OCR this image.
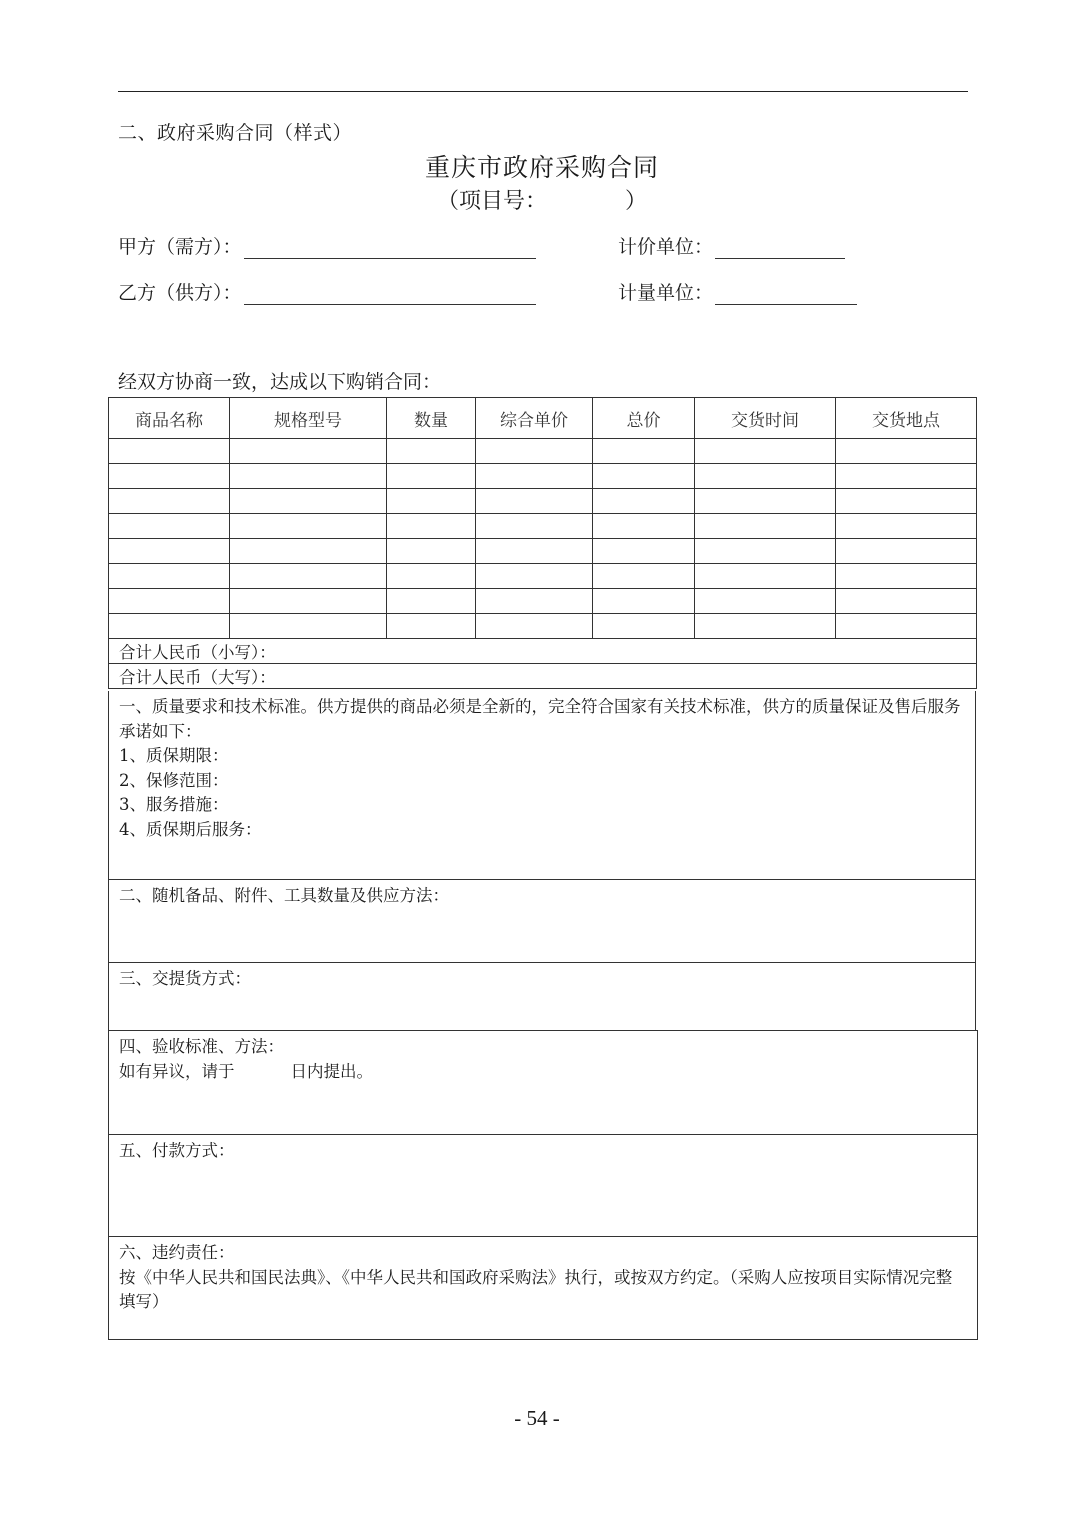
二、政府采购合同（样式）
重庆市政府采购合同
（项目号：	）
甲方（需方）：
乙方（供方）：
计价单位：
计量单位：
经双方协商一致，达成以下购销合同：
商品名称	规格型号	数量	综合单价	总价	交货时间	交货地点

合计人民币（小写）：						
合计人民币（大写）：						
一、质量要求和技术标准。供方提供的商品必须是全新的，完全符合国家有关技术标准，供方的质量保证及售后服务承诺如下：
1、质保期限：
2、保修范围：
3、服务措施：
4、质保期后服务：
二、随机备品、附件、工具数量及供应方法：
三、交提货方式：
四、验收标准、方法：
如有异议，请于	日内提出。
五、付款方式：
六、违约责任：
按《中华人民共和国民法典》、《中华人民共和国政府采购法》执行，或按双方约定。（采购人应按项目实际情况完整填写）
- 54 -
